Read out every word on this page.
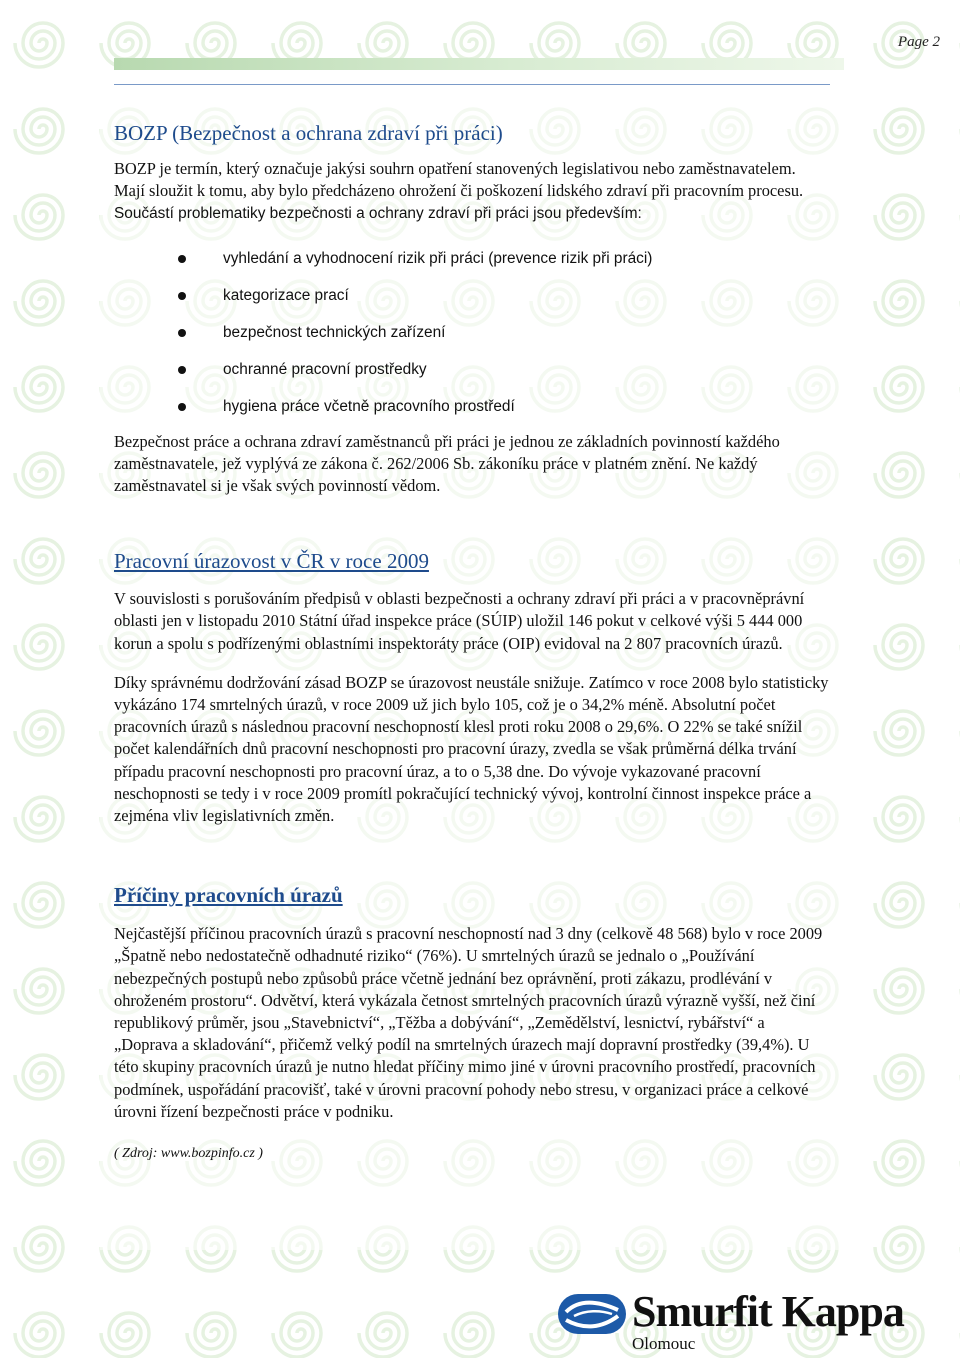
Page 2
BOZP (Bezpečnost a ochrana zdraví při práci)

BOZP je termín, který označuje jakýsi souhrn opatření stanovených legislativou nebo zaměstnavatelem. Mají sloužit k tomu, aby bylo předcházeno ohrožení či poškození lidského zdraví při pracovním procesu. Součástí problematiky bezpečnosti a ochrany zdraví při práci jsou především:

vyhledání a vyhodnocení rizik při práci (prevence rizik při práci)
kategorizace prací
bezpečnost technických zařízení
ochranné pracovní prostředky
hygiena práce včetně pracovního prostředí

Bezpečnost práce a ochrana zdraví zaměstnanců při práci je jednou ze základních povinností každého zaměstnavatele, jež vyplývá ze zákona č. 262/2006 Sb. zákoníku práce v platném znění. Ne každý zaměstnavatel si je však svých povinností vědom.

Pracovní úrazovost v ČR v roce 2009

V souvislosti s porušováním předpisů v oblasti bezpečnosti a ochrany zdraví při práci a v pracovněprávní oblasti jen v listopadu 2010 Státní úřad inspekce práce (SÚIP) uložil 146 pokut v celkové výši 5 444 000 korun a spolu s podřízenými oblastními inspektoráty práce (OIP) evidoval na 2 807 pracovních úrazů.

Díky správnému dodržování zásad BOZP se úrazovost neustále snižuje. Zatímco v roce 2008 bylo statisticky vykázáno 174 smrtelných úrazů, v roce 2009 už jich bylo 105, což je o 34,2% méně. Absolutní počet pracovních úrazů s následnou pracovní neschopností klesl proti roku 2008 o 29,6%. O 22% se také snížil počet kalendářních dnů pracovní neschopnosti pro pracovní úrazy, zvedla se však průměrná délka trvání případu pracovní neschopnosti pro pracovní úraz, a to o 5,38 dne. Do vývoje vykazované pracovní neschopnosti se tedy i v roce 2009 promítl pokračující technický vývoj, kontrolní činnost inspekce práce a zejména vliv legislativních změn.

Příčiny pracovních úrazů

Nejčastější příčinou pracovních úrazů s pracovní neschopností nad 3 dny (celkově 48 568) bylo v roce 2009 „Špatně nebo nedostatečně odhadnuté riziko“ (76%). U smrtelných úrazů se jednalo o „Používání nebezpečných postupů nebo způsobů práce včetně jednání bez oprávnění, proti zákazu, prodlévání v ohroženém prostoru“. Odvětví, která vykázala četnost smrtelných pracovních úrazů výrazně vyšší, než činí republikový průměr, jsou „Stavebnictví“, „Těžba a dobývání“, „Zemědělství, lesnictví, rybářství“ a „Doprava a skladování“, přičemž velký podíl na smrtelných úrazech mají dopravní prostředky (39,4%). U této skupiny pracovních úrazů je nutno hledat příčiny mimo jiné v úrovni pracovního prostředí, pracovních podmínek, uspořádání pracovišť, také v úrovni pracovní pohody nebo stresu, v organizaci práce a celkové úrovni řízení bezpečnosti práce v podniku.

( Zdroj: www.bozpinfo.cz )

Smurfit Kappa
Olomouc
